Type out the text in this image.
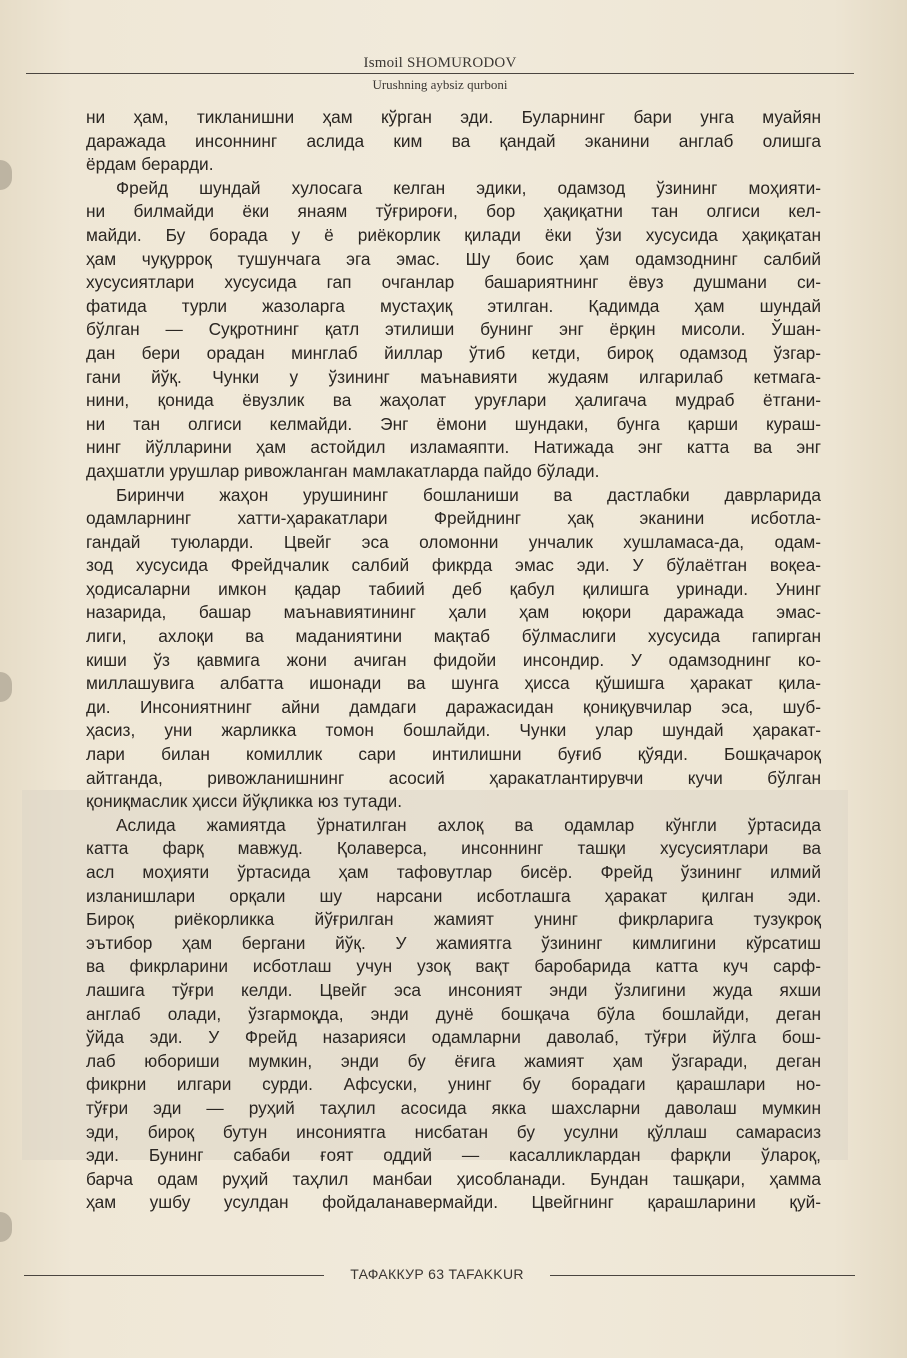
Ismoil SHOMURODOV
Urushning aybsiz qurboni
ни ҳам, тикланишни ҳам кўрган эди. Буларнинг бари унга муайян
даражада инсоннинг аслида ким ва қандай эканини англаб олишга
ёрдам берарди.
Фрейд шундай хулосага келган эдики, одамзод ўзининг моҳияти-
ни билмайди ёки янаям тўғрироғи, бор ҳақиқатни тан олгиси кел-
майди. Бу борада у ё риёкорлик қилади ёки ўзи хусусида ҳақиқатан
ҳам чуқурроқ тушунчага эга эмас. Шу боис ҳам одамзоднинг салбий
хусусиятлари хусусида гап очганлар башариятнинг ёвуз душмани си-
фатида турли жазоларга мустаҳиқ этилган. Қадимда ҳам шундай
бўлган — Суқротнинг қатл этилиши бунинг энг ёрқин мисоли. Ўшан-
дан бери орадан минглаб йиллар ўтиб кетди, бироқ одамзод ўзгар-
гани йўқ. Чунки у ўзининг маънавияти жудаям илгарилаб кетмага-
нини, қонида ёвузлик ва жаҳолат уруғлари ҳалигача мудраб ётгани-
ни тан олгиси келмайди. Энг ёмони шундаки, бунга қарши кураш-
нинг йўлларини ҳам астойдил изламаяпти. Натижада энг катта ва энг
даҳшатли урушлар ривожланган мамлакатларда пайдо бўлади.
Биринчи жаҳон урушининг бошланиши ва дастлабки даврларида
одамларнинг хатти-ҳаракатлари Фрейднинг ҳақ эканини исботла-
гандай туюларди. Цвейг эса оломонни унчалик хушламаса-да, одам-
зод хусусида Фрейдчалик салбий фикрда эмас эди. У бўлаётган воқеа-
ҳодисаларни имкон қадар табиий деб қабул қилишга уринади. Унинг
назарида, башар маънавиятининг ҳали ҳам юқори даражада эмас-
лиги, ахлоқи ва маданиятини мақтаб бўлмаслиги хусусида гапирган
киши ўз қавмига жони ачиган фидойи инсондир. У одамзоднинг ко-
миллашувига албатта ишонади ва шунга ҳисса қўшишга ҳаракат қила-
ди. Инсониятнинг айни дамдаги даражасидан қониқувчилар эса, шуб-
ҳасиз, уни жарликка томон бошлайди. Чунки улар шундай ҳаракат-
лари билан комиллик сари интилишни буғиб қўяди. Бошқачароқ
айтганда, ривожланишнинг асосий ҳаракатлантирувчи кучи бўлган
қониқмаслик ҳисси йўқликка юз тутади.
Аслида жамиятда ўрнатилган ахлоқ ва одамлар кўнгли ўртасида
катта фарқ мавжуд. Қолаверса, инсоннинг ташқи хусусиятлари ва
асл моҳияти ўртасида ҳам тафовутлар бисёр. Фрейд ўзининг илмий
изланишлари орқали шу нарсани исботлашга ҳаракат қилган эди.
Бироқ риёкорликка йўғрилган жамият унинг фикрларига тузукроқ
эътибор ҳам бергани йўқ. У жамиятга ўзининг кимлигини кўрсатиш
ва фикрларини исботлаш учун узоқ вақт баробарида катта куч сарф-
лашига тўғри келди. Цвейг эса инсоният энди ўзлигини жуда яхши
англаб олади, ўзгармоқда, энди дунё бошқача бўла бошлайди, деган
ўйда эди. У Фрейд назарияси одамларни даволаб, тўғри йўлга бош-
лаб юбориши мумкин, энди бу ёғига жамият ҳам ўзгаради, деган
фикрни илгари сурди. Афсуски, унинг бу борадаги қарашлари но-
тўғри эди — руҳий таҳлил асосида якка шахсларни даволаш мумкин
эди, бироқ бутун инсониятга нисбатан бу усулни қўллаш самарасиз
эди. Бунинг сабаби ғоят оддий — касалликлардан фарқли ўлароқ,
барча одам руҳий таҳлил манбаи ҳисобланади. Бундан ташқари, ҳамма
ҳам ушбу усулдан фойдаланавермайди. Цвейгнинг қарашларини қуй-
ТАФАККУР 63 TAFAKKUR
